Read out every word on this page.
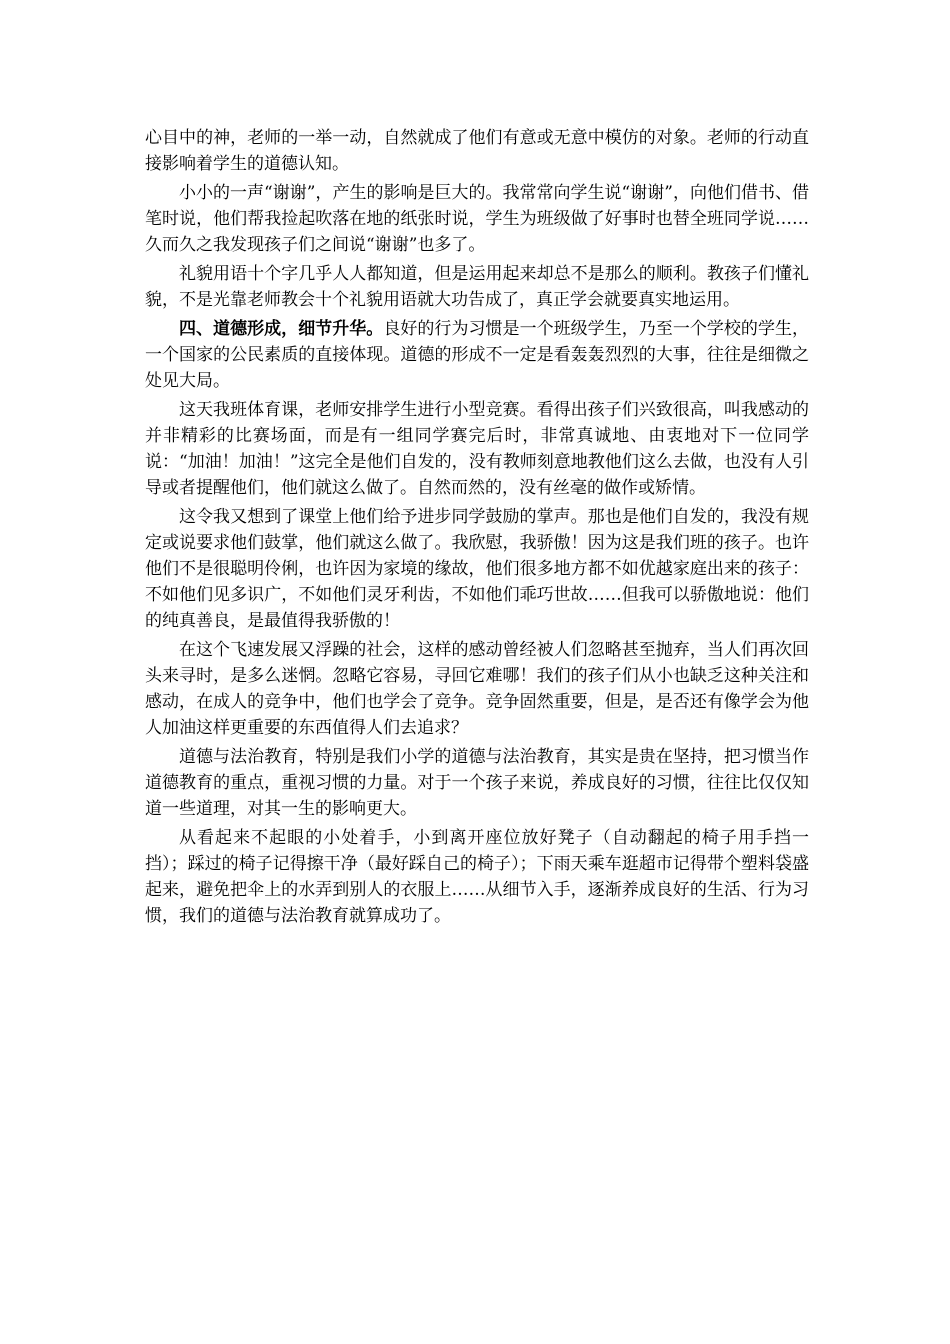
心目中的神，老师的一举一动，自然就成了他们有意或无意中模仿的对象。老师的行动直接影响着学生的道德认知。

小小的一声“谢谢”，产生的影响是巨大的。我常常向学生说“谢谢”，向他们借书、借笔时说，他们帮我捡起吹落在地的纸张时说，学生为班级做了好事时也替全班同学说……久而久之我发现孩子们之间说“谢谢”也多了。

礼貌用语十个字几乎人人都知道，但是运用起来却总不是那么的顺利。教孩子们懂礼貌，不是光靠老师教会十个礼貌用语就大功告成了，真正学会就要真实地运用。

四、道德形成，细节升华。良好的行为习惯是一个班级学生，乃至一个学校的学生，一个国家的公民素质的直接体现。道德的形成不一定是看轰轰烈烈的大事，往往是细微之处见大局。

这天我班体育课，老师安排学生进行小型竞赛。看得出孩子们兴致很高，叫我感动的并非精彩的比赛场面，而是有一组同学赛完后时，非常真诚地、由衷地对下一位同学说：“加油！加油！”这完全是他们自发的，没有教师刻意地教他们这么去做，也没有人引导或者提醒他们，他们就这么做了。自然而然的，没有丝毫的做作或矫情。

这令我又想到了课堂上他们给予进步同学鼓励的掌声。那也是他们自发的，我没有规定或说要求他们鼓掌，他们就这么做了。我欣慰，我骄傲！因为这是我们班的孩子。也许他们不是很聪明伶俐，也许因为家境的缘故，他们很多地方都不如优越家庭出来的孩子：不如他们见多识广，不如他们灵牙利齿，不如他们乖巧世故……但我可以骄傲地说：他们的纯真善良，是最值得我骄傲的！

在这个飞速发展又浮躁的社会，这样的感动曾经被人们忽略甚至抛弃，当人们再次回头来寻时，是多么迷惘。忽略它容易，寻回它难哪！我们的孩子们从小也缺乏这种关注和感动，在成人的竞争中，他们也学会了竞争。竞争固然重要，但是，是否还有像学会为他人加油这样更重要的东西值得人们去追求？

道德与法治教育，特别是我们小学的道德与法治教育，其实是贵在坚持，把习惯当作道德教育的重点，重视习惯的力量。对于一个孩子来说，养成良好的习惯，往往比仅仅知道一些道理，对其一生的影响更大。

从看起来不起眼的小处着手，小到离开座位放好凳子（自动翻起的椅子用手挡一挡）；踩过的椅子记得擦干净（最好踩自己的椅子）；下雨天乘车逛超市记得带个塑料袋盛起来，避免把伞上的水弄到别人的衣服上……从细节入手，逐渐养成良好的生活、行为习惯，我们的道德与法治教育就算成功了。
